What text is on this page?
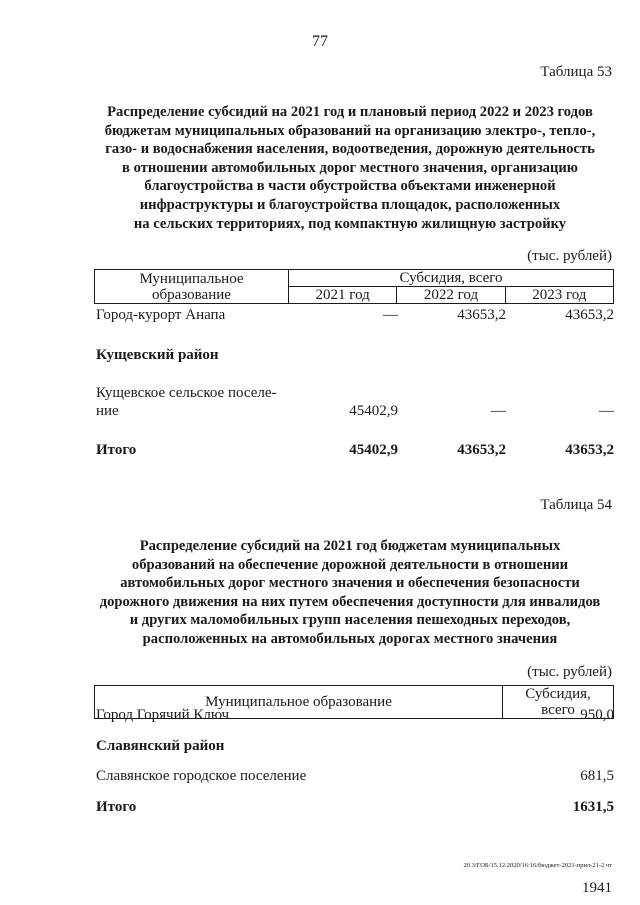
77
Таблица 53
Распределение субсидий на 2021 год и плановый период 2022 и 2023 годов
бюджетам муниципальных образований на организацию электро-, тепло-,
газо- и водоснабжения населения, водоотведения, дорожную деятельность
в отношении автомобильных дорог местного значения, организацию
благоустройства в части обустройства объектами инженерной
инфраструктуры и благоустройства площадок, расположенных
на сельских территориях, под компактную жилищную застройку
(тыс. рублей)
Муниципальное образование	Субсидия, всего		
	2021 год	2022 год	2023 год
Город-курорт Анапа	—	43653,2	43653,2
Кущевский район
Кущевское сельское поселе-
ние	45402,9	—	—
Итого	45402,9	43653,2	43653,2
Таблица 54
Распределение субсидий на 2021 год бюджетам муниципальных
образований на обеспечение дорожной деятельности в отношении
автомобильных дорог местного значения и обеспечения безопасности
дорожного движения на них путем обеспечения доступности для инвалидов
и других маломобильных групп населения пешеходных переходов,
расположенных на автомобильных дорогах местного значения
(тыс. рублей)
Муниципальное образование	Субсидия, всего
Город Горячий Ключ	950,0
Славянский район
Славянское городское поселение	681,5
Итого	1631,5
20.3/ГОБ/15.12.2020/16:16/бюджет-2021-прил-21-2 чт
1941
